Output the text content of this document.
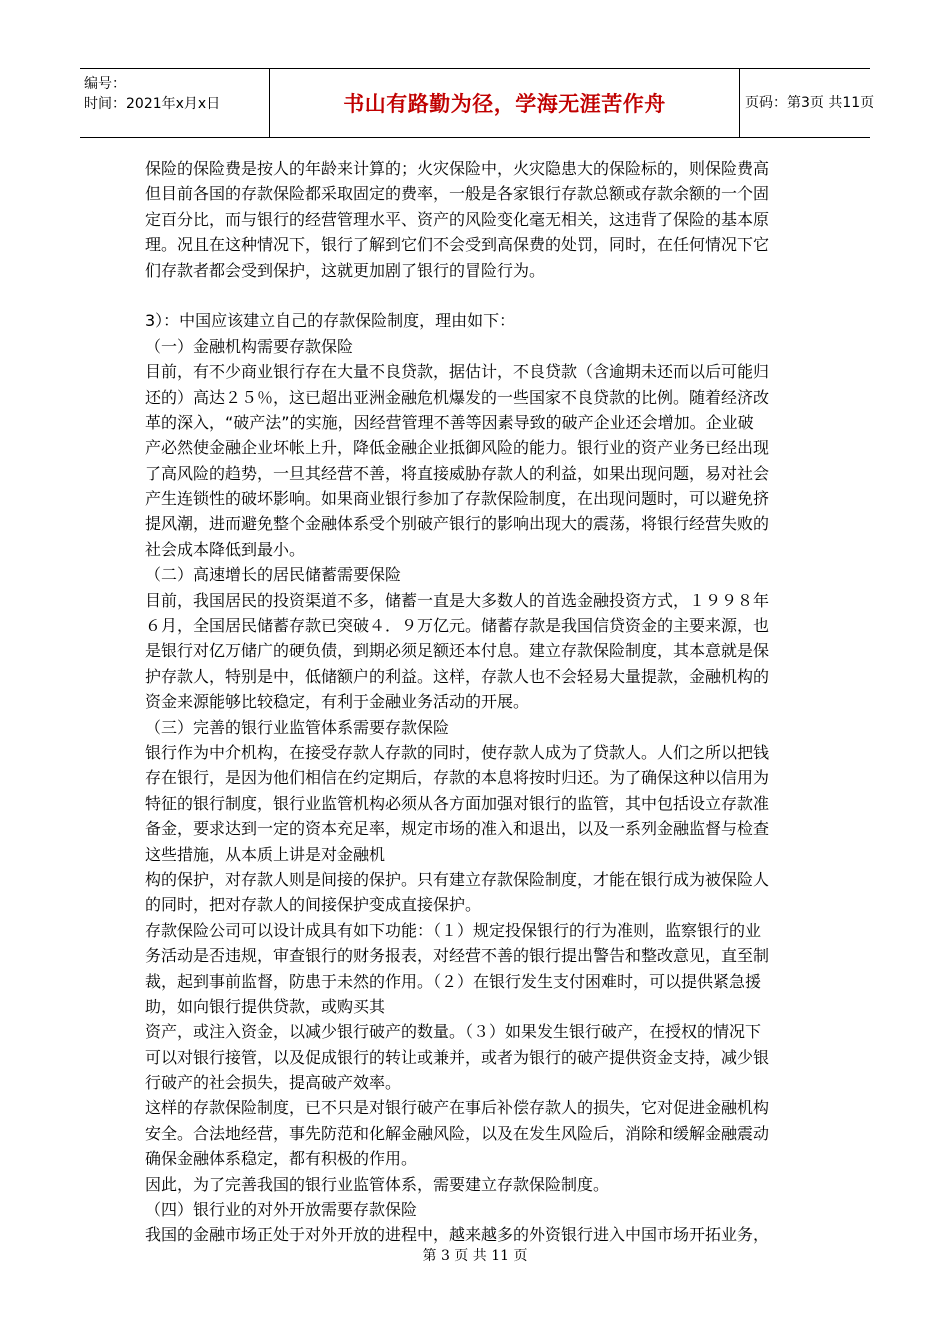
编号：
时间：2021年x月x日	书山有路勤为径，学海无涯苦作舟	页码：第3页 共11页
保险的保险费是按人的年龄来计算的；火灾保险中，火灾隐患大的保险标的，则保险费高
但目前各国的存款保险都采取固定的费率，一般是各家银行存款总额或存款余额的一个固
定百分比，而与银行的经营管理水平、资产的风险变化毫无相关，这违背了保险的基本原
理。况且在这种情况下，银行了解到它们不会受到高保费的处罚，同时，在任何情况下它
们存款者都会受到保护，这就更加剧了银行的冒险行为。
3）：中国应该建立自己的存款保险制度，理由如下：
（一）金融机构需要存款保险
目前，有不少商业银行存在大量不良贷款，据估计，不良贷款（含逾期未还而以后可能归
还的）高达２５％，这已超出亚洲金融危机爆发的一些国家不良贷款的比例。随着经济改
革的深入，“破产法”的实施，因经营管理不善等因素导致的破产企业还会增加。企业破
产必然使金融企业坏帐上升，降低金融企业抵御风险的能力。银行业的资产业务已经出现
了高风险的趋势，一旦其经营不善，将直接威胁存款人的利益，如果出现问题，易对社会
产生连锁性的破坏影响。如果商业银行参加了存款保险制度，在出现问题时，可以避免挤
提风潮，进而避免整个金融体系受个别破产银行的影响出现大的震荡，将银行经营失败的
社会成本降低到最小。
（二）高速增长的居民储蓄需要保险
目前，我国居民的投资渠道不多，储蓄一直是大多数人的首选金融投资方式，１９９８年
６月，全国居民储蓄存款已突破４．９万亿元。储蓄存款是我国信贷资金的主要来源，也
是银行对亿万储广的硬负债，到期必须足额还本付息。建立存款保险制度，其本意就是保
护存款人，特别是中，低储额户的利益。这样，存款人也不会轻易大量提款，金融机构的
资金来源能够比较稳定，有利于金融业务活动的开展。
（三）完善的银行业监管体系需要存款保险
银行作为中介机构，在接受存款人存款的同时，使存款人成为了贷款人。人们之所以把钱
存在银行，是因为他们相信在约定期后，存款的本息将按时归还。为了确保这种以信用为
特征的银行制度，银行业监管机构必须从各方面加强对银行的监管，其中包括设立存款准
备金，要求达到一定的资本充足率，规定市场的准入和退出，以及一系列金融监督与检查
这些措施，从本质上讲是对金融机
构的保护，对存款人则是间接的保护。只有建立存款保险制度，才能在银行成为被保险人
的同时，把对存款人的间接保护变成直接保护。
存款保险公司可以设计成具有如下功能：（１）规定投保银行的行为准则，监察银行的业
务活动是否违规，审查银行的财务报表，对经营不善的银行提出警告和整改意见，直至制
裁，起到事前监督，防患于未然的作用。（２）在银行发生支付困难时，可以提供紧急援
助，如向银行提供贷款，或购买其
资产，或注入资金，以减少银行破产的数量。（３）如果发生银行破产，在授权的情况下
可以对银行接管，以及促成银行的转让或兼并，或者为银行的破产提供资金支持，减少银
行破产的社会损失，提高破产效率。
这样的存款保险制度，已不只是对银行破产在事后补偿存款人的损失，它对促进金融机构
安全。合法地经营，事先防范和化解金融风险，以及在发生风险后，消除和缓解金融震动
确保金融体系稳定，都有积极的作用。
因此，为了完善我国的银行业监管体系，需要建立存款保险制度。
（四）银行业的对外开放需要存款保险
我国的金融市场正处于对外开放的进程中，越来越多的外资银行进入中国市场开拓业务，
第 3 页 共 11 页
